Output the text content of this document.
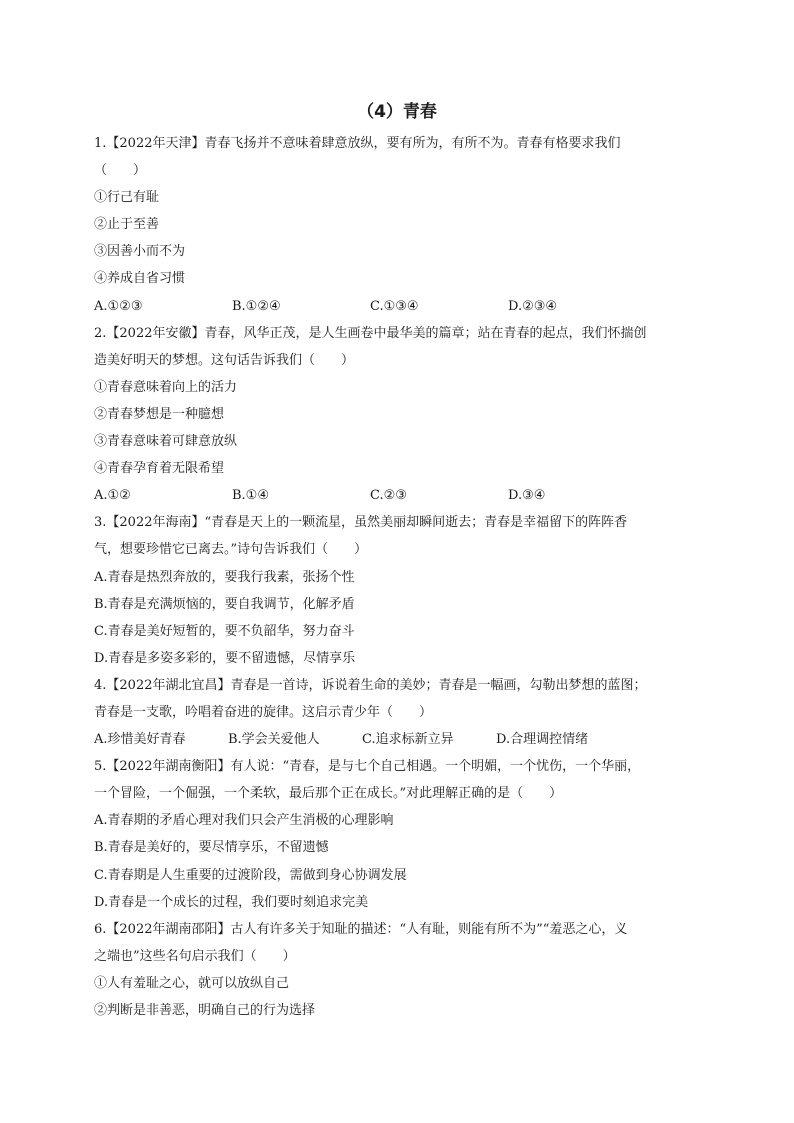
（4）青春
1.【2022年天津】青春飞扬并不意味着肆意放纵，要有所为，有所不为。青春有格要求我们
（　　）
①行己有耻
②止于至善
③因善小而不为
④养成自省习惯
A.①②③	B.①②④	C.①③④	D.②③④
2.【2022年安徽】青春，风华正茂，是人生画卷中最华美的篇章；站在青春的起点，我们怀揣创
造美好明天的梦想。这句话告诉我们（　　）
①青春意味着向上的活力
②青春梦想是一种臆想
③青春意味着可肆意放纵
④青春孕育着无限希望
A.①②	B.①④	C.②③	D.③④
3.【2022年海南】“青春是天上的一颗流星，虽然美丽却瞬间逝去；青春是幸福留下的阵阵香
气，想要珍惜它已离去。”诗句告诉我们（　　）
A.青春是热烈奔放的，要我行我素，张扬个性
B.青春是充满烦恼的，要自我调节，化解矛盾
C.青春是美好短暂的，要不负韶华，努力奋斗
D.青春是多姿多彩的，要不留遗憾，尽情享乐
4.【2022年湖北宜昌】青春是一首诗，诉说着生命的美妙；青春是一幅画，勾勒出梦想的蓝图；
青春是一支歌，吟唱着奋进的旋律。这启示青少年（　　）
A.珍惜美好青春	B.学会关爱他人	C.追求标新立异	D.合理调控情绪
5.【2022年湖南衡阳】有人说：“青春，是与七个自己相遇。一个明媚，一个忧伤，一个华丽，
一个冒险，一个倔强，一个柔软，最后那个正在成长。”对此理解正确的是（　　）
A.青春期的矛盾心理对我们只会产生消极的心理影响
B.青春是美好的，要尽情享乐，不留遗憾
C.青春期是人生重要的过渡阶段，需做到身心协调发展
D.青春是一个成长的过程，我们要时刻追求完美
6.【2022年湖南邵阳】古人有许多关于知耻的描述：“人有耻，则能有所不为”“羞恶之心，义
之端也”这些名句启示我们（　　）
①人有羞耻之心，就可以放纵自己
②判断是非善恶，明确自己的行为选择
